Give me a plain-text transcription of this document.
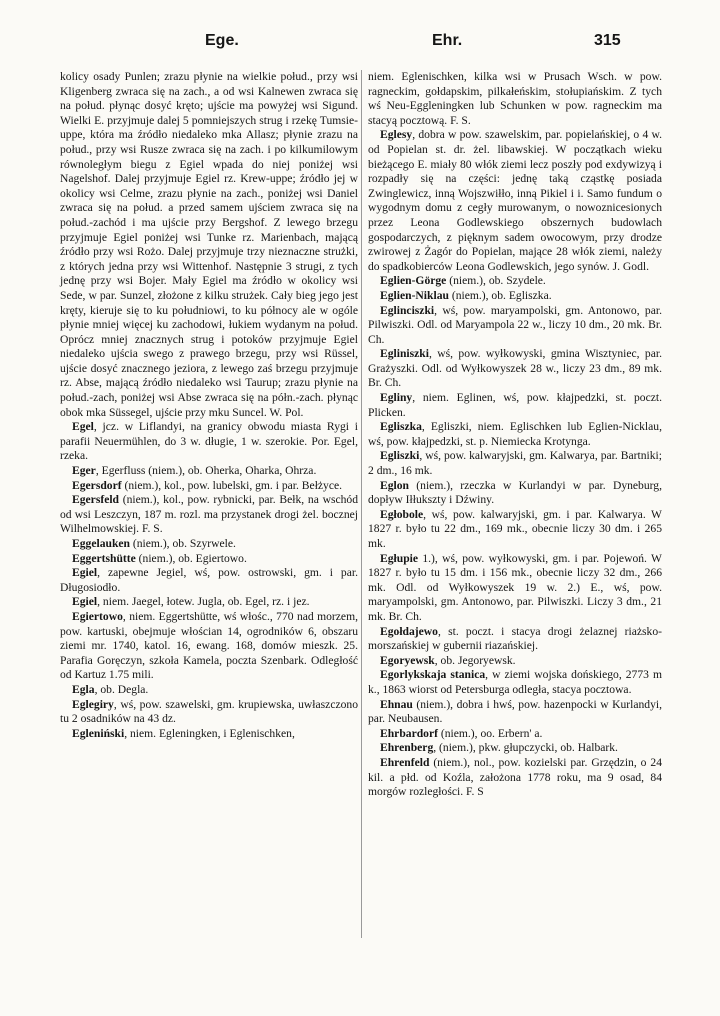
Ege.	Ehr.	315

kolicy osady Punlen; zrazu płynie na wielkie połud., przy wsi Kligenberg zwraca się na zach., a od wsi Kalnewen zwraca się na połud. płynąc dosyć kręto; ujście ma powyżej wsi Sigund. Wielki E. przyjmuje dalej 5 pomniejszych strug i rzekę Tumsie-uppe, która ma źródło niedaleko mka Allasz; płynie zrazu na połud., przy wsi Rusze zwraca się na zach. i po kilkumilowym równoległym biegu z Egiel wpada do niej poniżej wsi Nagelshof. Dalej przyjmuje Egiel rz. Krew-uppe; źródło jej w okolicy wsi Celme, zrazu płynie na zach., poniżej wsi Daniel zwraca się na połud. a przed samem ujściem zwraca się na połud.-zachód i ma ujście przy Bergshof. Z lewego brzegu przyjmuje Egiel poniżej wsi Tunke rz. Marienbach, mającą źródło przy wsi Rożo. Dalej przyjmuje trzy nieznaczne strużki, z których jedna przy wsi Wittenhof. Następnie 3 strugi, z tych jednę przy wsi Bojer. Mały Egiel ma źródło w okolicy wsi Sede, w par. Sunzel, złożone z kilku strużek. Cały bieg jego jest kręty, kieruje się to ku południowi, to ku północy ale w ogóle płynie mniej więcej ku zachodowi, łukiem wydanym na połud. Oprócz mniej znacznych strug i potoków przyjmuje Egiel niedaleko ujścia swego z prawego brzegu, przy wsi Rüssel, ujście dosyć znacznego jeziora, z lewego zaś brzegu przyjmuje rz. Abse, mającą źródło niedaleko wsi Taurup; zrazu płynie na połud.-zach, poniżej wsi Abse zwraca się na półn.-zach. płynąc obok mka Süssegel, ujście przy mku Suncel. W. Pol.

Egel, jcz. w Liflandyi, na granicy obwodu miasta Rygi i parafii Neuermühlen, do 3 w. długie, 1 w. szerokie. Por. Egel, rzeka.

Eger, Egerfluss (niem.), ob. Oherka, Oharka, Ohrza.

Egersdorf (niem.), kol., pow. lubelski, gm. i par. Bełżyce.

Egersfeld (niem.), kol., pow. rybnicki, par. Bełk, na wschód od wsi Leszczyn, 187 m. rozl. ma przystanek drogi żel. bocznej Wilhelmowskiej. F. S.

Eggelauken (niem.), ob. Szyrwele.

Eggertshütte (niem.), ob. Egiertowo.

Egiel, zapewne Jegiel, wś, pow. ostrowski, gm. i par. Długosiodło.

Egiel, niem. Jaegel, łotew. Jugla, ob. Egel, rz. i jez.

Egiertowo, niem. Eggertshütte, wś włośc., 770 nad morzem, pow. kartuski, obejmuje włościan 14, ogrodników 6, obszaru ziemi mr. 1740, katol. 16, ewang. 168, domów mieszk. 25. Parafia Goręczyn, szkoła Kamela, poczta Szenbark. Odległość od Kartuz 1.75 mili.

Egla, ob. Degla.

Eglegiry, wś, pow. szawelski, gm. krupiewska, uwłaszczono tu 2 osadników na 43 dz.

Egleniński, niem. Egleningken, i Eglenischken,

niem. Eglenischken, kilka wsi w Prusach Wsch. w pow. ragneckim, gołdapskim, pilkałeńskim, stołupiańskim. Z tych wś Neu-Eggleningken lub Schunken w pow. ragneckim ma stacyą pocztową. F. S.

Eglesy, dobra w pow. szawelskim, par. popielańskiej, o 4 w. od Popielan st. dr. żel. libawskiej. W początkach wieku bieżącego E. miały 80 włók ziemi lecz poszły pod exdywizyą i rozpadły się na części: jednę taką cząstkę posiada Zwinglewicz, inną Wojszwiłło, inną Pikiel i i. Samo fundum o wygodnym domu z cegły murowanym, o nowoznicesionych przez Leona Godlewskiego obszernych budowlach gospodarczych, z pięknym sadem owocowym, przy drodze zwirowej z Żagór do Popielan, mające 28 włók ziemi, należy do spadkobierców Leona Godlewskich, jego synów. J. Godl.

Eglien-Görge (niem.), ob. Szydele.

Eglien-Niklau (niem.), ob. Egliszka.

Eglinciszki, wś, pow. maryampolski, gm. Antonowo, par. Pilwiszki. Odl. od Maryampola 22 w., liczy 10 dm., 20 mk. Br. Ch.

Egliniszki, wś, pow. wyłkowyski, gmina Wisztyniec, par. Grażyszki. Odl. od Wyłkowyszek 28 w., liczy 23 dm., 89 mk. Br. Ch.

Egliny, niem. Eglinen, wś, pow. kłajpedzki, st. poczt. Plicken.

Egliszka, Egliszki, niem. Eglischken lub Eglien-Nicklau, wś, pow. kłajpedzki, st. p. Niemiecka Krotynga.

Egliszki, wś, pow. kalwaryjski, gm. Kalwarya, par. Bartniki; 2 dm., 16 mk.

Eglon (niem.), rzeczka w Kurlandyi w par. Dyneburg, dopływ Iłłukszty i Dźwiny.

Egłobole, wś, pow. kalwaryjski, gm. i par. Kalwarya. W 1827 r. było tu 22 dm., 169 mk., obecnie liczy 30 dm. i 265 mk.

Egłupie 1.), wś, pow. wyłkowyski, gm. i par. Pojewoń. W 1827 r. było tu 15 dm. i 156 mk., obecnie liczy 32 dm., 266 mk. Odl. od Wyłkowyszek 19 w. 2.) E., wś, pow. maryampolski, gm. Antonowo, par. Pilwiszki. Liczy 3 dm., 21 mk. Br. Ch.

Egołdajewo, st. poczt. i stacya drogi żelaznej riażsko-morszańskiej w gubernii riazańskiej.

Egoryewsk, ob. Jegoryewsk.

Egorlykskaja stanica, w ziemi wojska dońskiego, 2773 m k., 1863 wiorst od Petersburga odległa, stacya pocztowa.

Ehnau (niem.), dobra i hwś, pow. hazenpocki w Kurlandyi, par. Neubausen.

Ehrbardorf (niem.), oo. Erbern' a.

Ehrenberg, (niem.), pkw. głupczycki, ob. Halbark.

Ehrenfeld (niem.), nol., pow. kozielski par. Grzędzin, o 24 kil. a płd. od Koźla, założona 1778 roku, ma 9 osad, 84 morgów rozległości. F. S
